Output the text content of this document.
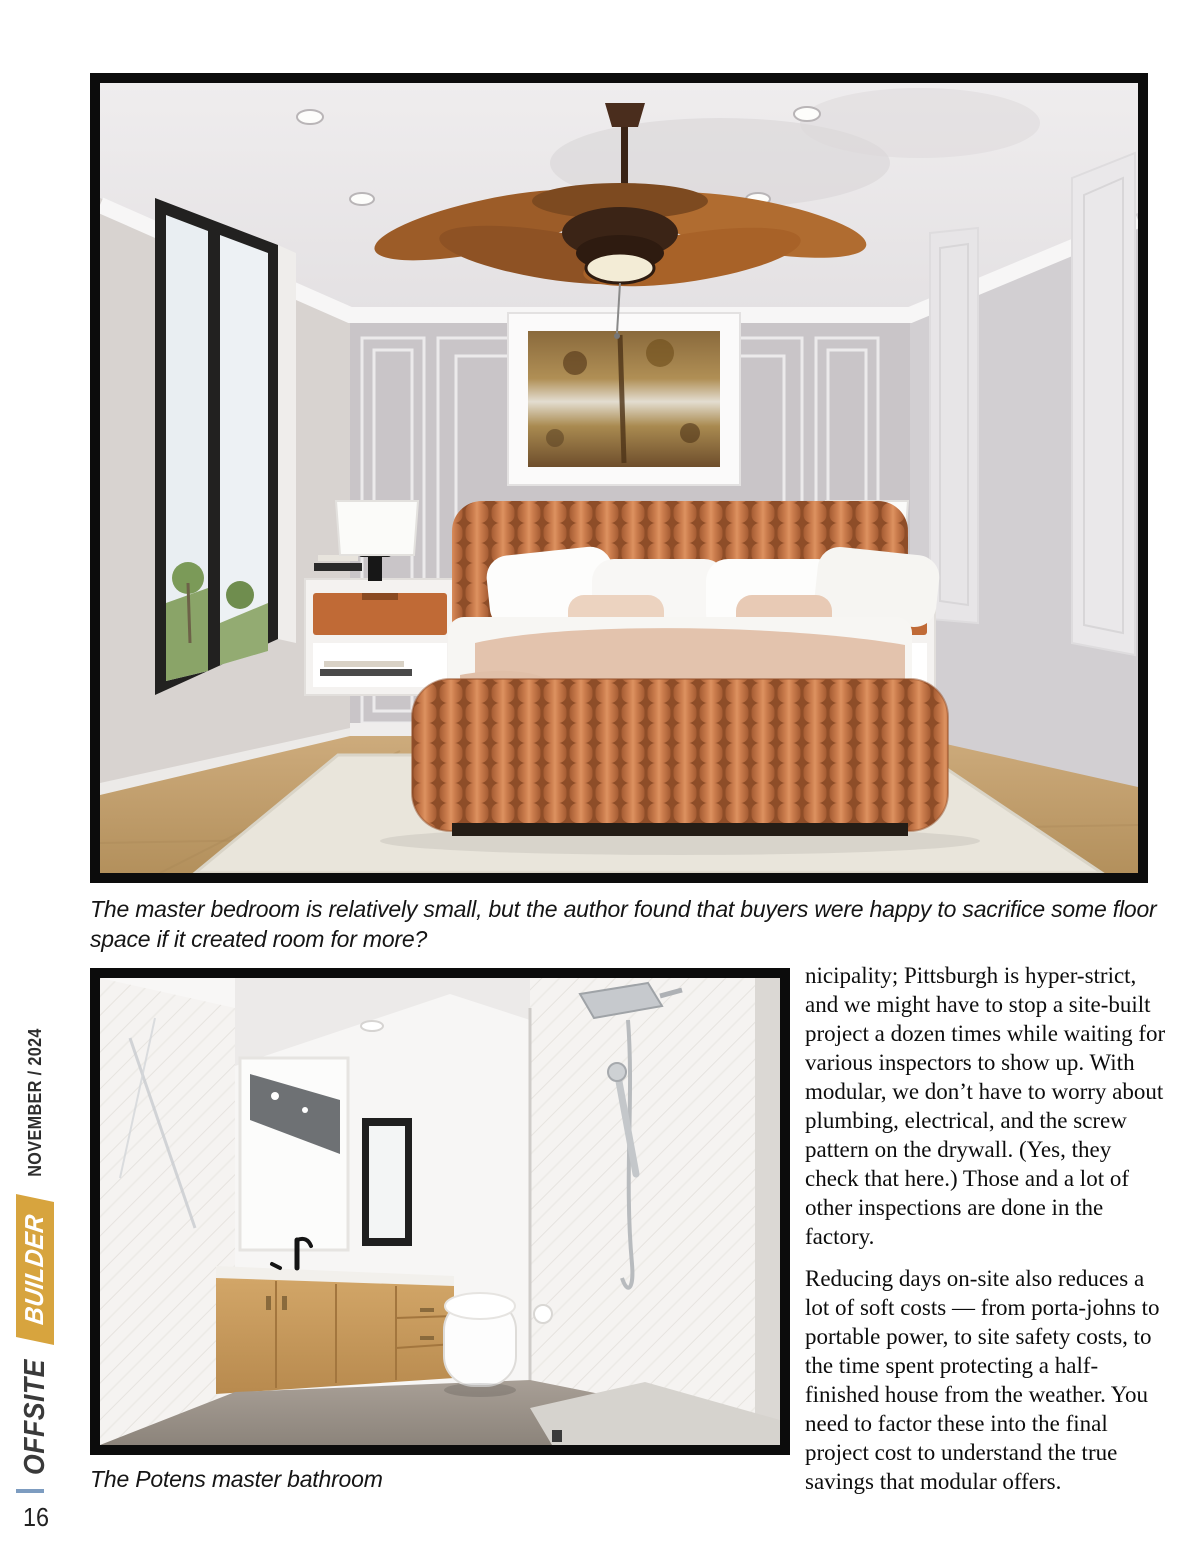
OFFSITE
BUILDER
NOVEMBER / 2024
16
The master bedroom is relatively small, but the author found that buyers were happy to sacrifice some floor space if it created room for more?
The Potens master bathroom

nicipality; Pittsburgh is hyper-strict, and we might have to stop a site-built project a dozen times while waiting for various inspectors to show up. With modular, we don’t have to worry about plumbing, electrical, and the screw pattern on the drywall. (Yes, they check that here.) Those and a lot of other inspections are done in the factory.

Reducing days on-site also reduces a lot of soft costs — from porta-johns to portable power, to site safety costs, to the time spent protecting a half-finished house from the weather. You need to factor these into the final project cost to understand the true savings that modular offers.
